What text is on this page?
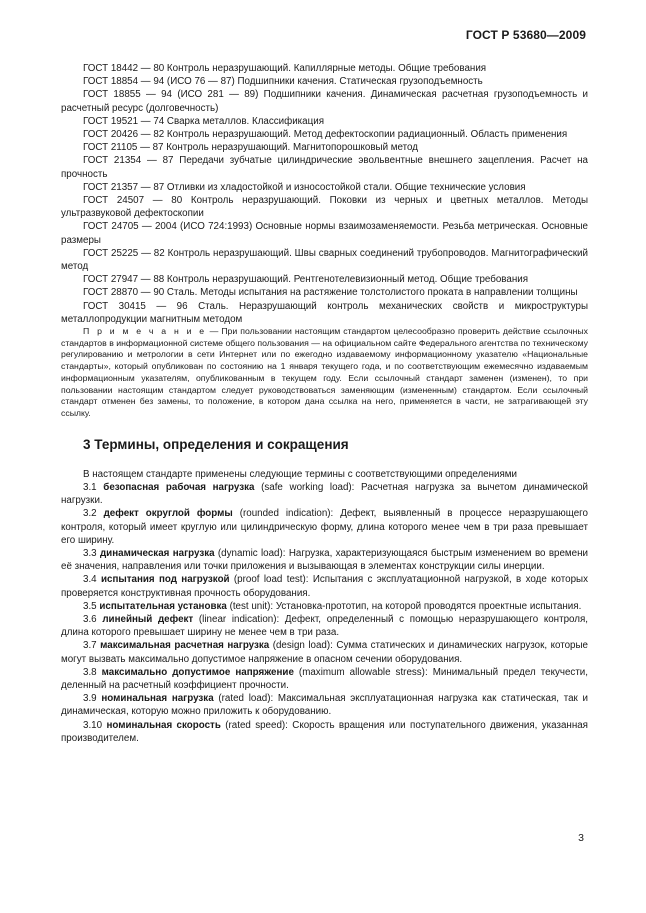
ГОСТ Р 53680—2009

ГОСТ 18442 — 80 Контроль неразрушающий. Капиллярные методы. Общие требования

ГОСТ 18854 — 94 (ИСО 76 — 87) Подшипники качения. Статическая грузоподъемность

ГОСТ 18855 — 94 (ИСО 281 — 89) Подшипники качения. Динамическая расчетная грузоподъемность и расчетный ресурс (долговечность)

ГОСТ 19521 — 74 Сварка металлов. Классификация

ГОСТ 20426 — 82 Контроль неразрушающий. Метод дефектоскопии радиационный. Область применения

ГОСТ 21105 — 87 Контроль неразрушающий. Магнитопорошковый метод

ГОСТ 21354 — 87 Передачи зубчатые цилиндрические эвольвентные внешнего зацепления. Расчет на прочность

ГОСТ 21357 — 87 Отливки из хладостойкой и износостойкой стали. Общие технические условия

ГОСТ 24507 — 80 Контроль неразрушающий. Поковки из черных и цветных металлов. Методы ультразвуковой дефектоскопии

ГОСТ 24705 — 2004 (ИСО 724:1993) Основные нормы взаимозаменяемости. Резьба метрическая. Основные размеры

ГОСТ 25225 — 82 Контроль неразрушающий. Швы сварных соединений трубопроводов. Магнитографический метод

ГОСТ 27947 — 88 Контроль неразрушающий. Рентгенотелевизионный метод. Общие требования

ГОСТ 28870 — 90 Сталь. Методы испытания на растяжение толстолистого проката в направлении толщины

ГОСТ 30415 — 96 Сталь. Неразрушающий контроль механических свойств и микроструктуры металлопродукции магнитным методом

П р и м е ч а н и е — При пользовании настоящим стандартом целесообразно проверить действие ссылочных стандартов в информационной системе общего пользования — на официальном сайте Федерального агентства по техническому регулированию и метрологии в сети Интернет или по ежегодно издаваемому информационному указателю «Национальные стандарты», который опубликован по состоянию на 1 января текущего года, и по соответствующим ежемесячно издаваемым информационным указателям, опубликованным в текущем году. Если ссылочный стандарт заменен (изменен), то при пользовании настоящим стандартом следует руководствоваться заменяющим (измененным) стандартом. Если ссылочный стандарт отменен без замены, то положение, в котором дана ссылка на него, применяется в части, не затрагивающей эту ссылку.

3 Термины, определения и сокращения

В настоящем стандарте применены следующие термины с соответствующими определениями

3.1 безопасная рабочая нагрузка (safe working load): Расчетная нагрузка за вычетом динамической нагрузки.

3.2 дефект округлой формы (rounded indication): Дефект, выявленный в процессе неразрушающего контроля, который имеет круглую или цилиндрическую форму, длина которого менее чем в три раза превышает его ширину.

3.3 динамическая нагрузка (dynamic load): Нагрузка, характеризующаяся быстрым изменением во времени её значения, направления или точки приложения и вызывающая в элементах конструкции силы инерции.

3.4 испытания под нагрузкой (proof load test): Испытания с эксплуатационной нагрузкой, в ходе которых проверяется конструктивная прочность оборудования.

3.5 испытательная установка (test unit): Установка-прототип, на которой проводятся проектные испытания.

3.6 линейный дефект (linear indication): Дефект, определенный с помощью неразрушающего контроля, длина которого превышает ширину не менее чем в три раза.

3.7 максимальная расчетная нагрузка (design load): Сумма статических и динамических нагрузок, которые могут вызвать максимально допустимое напряжение в опасном сечении оборудования.

3.8 максимально допустимое напряжение (maximum allowable stress): Минимальный предел текучести, деленный на расчетный коэффициент прочности.

3.9 номинальная нагрузка (rated load): Максимальная эксплуатационная нагрузка как статическая, так и динамическая, которую можно приложить к оборудованию.

3.10 номинальная скорость (rated speed): Скорость вращения или поступательного движения, указанная производителем.

3
